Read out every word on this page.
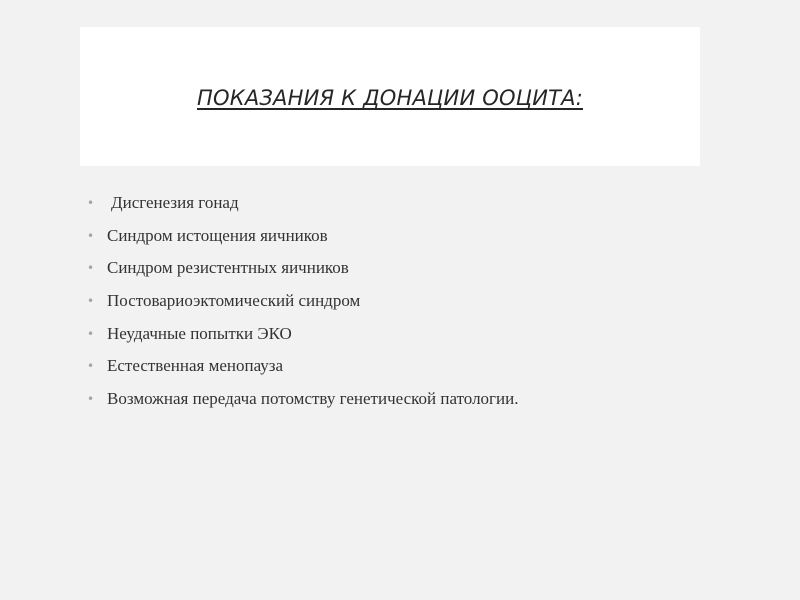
ПОКАЗАНИЯ К ДОНАЦИИ ООЦИТА:
• Дисгенезия гонад
• Синдром истощения яичников
• Синдром резистентных яичников
• Постовариоэктомический синдром
• Неудачные попытки ЭКО
• Естественная менопауза
• Возможная передача потомству генетической патологии.
